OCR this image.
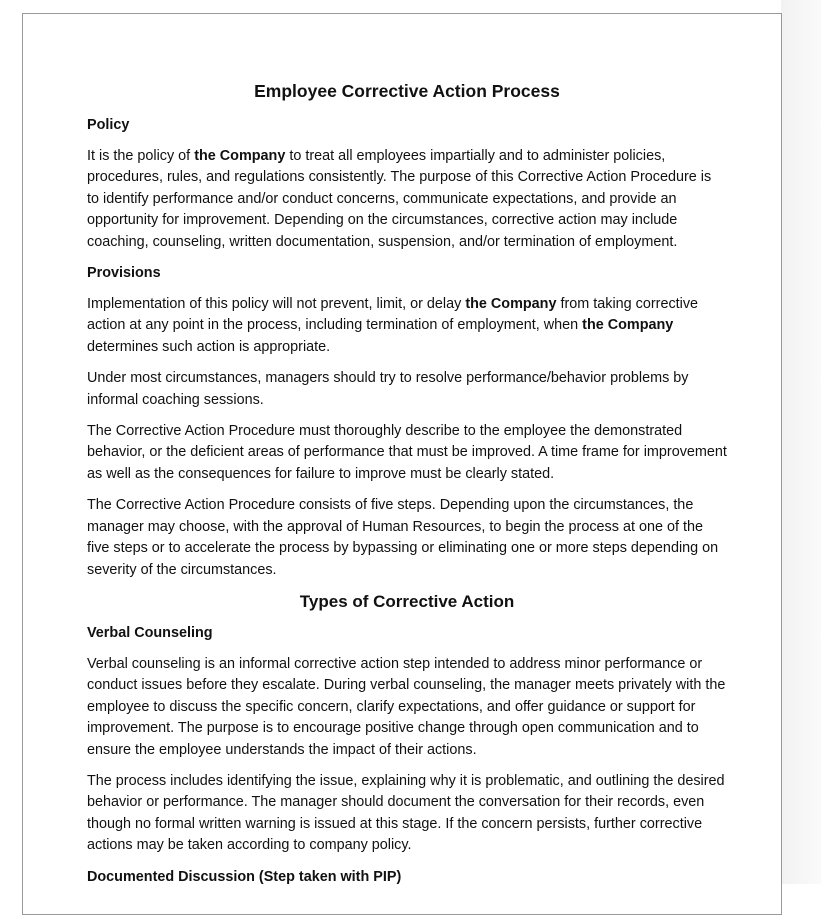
Employee Corrective Action Process
Policy

It is the policy of the Company to treat all employees impartially and to administer policies, procedures, rules, and regulations consistently. The purpose of this Corrective Action Procedure is to identify performance and/or conduct concerns, communicate expectations, and provide an opportunity for improvement. Depending on the circumstances, corrective action may include coaching, counseling, written documentation, suspension, and/or termination of employment.

Provisions

Implementation of this policy will not prevent, limit, or delay the Company from taking corrective action at any point in the process, including termination of employment, when the Company determines such action is appropriate.

Under most circumstances, managers should try to resolve performance/behavior problems by informal coaching sessions.

The Corrective Action Procedure must thoroughly describe to the employee the demonstrated behavior, or the deficient areas of performance that must be improved. A time frame for improvement as well as the consequences for failure to improve must be clearly stated.

The Corrective Action Procedure consists of five steps. Depending upon the circumstances, the manager may choose, with the approval of Human Resources, to begin the process at one of the five steps or to accelerate the process by bypassing or eliminating one or more steps depending on severity of the circumstances.

Types of Corrective Action
Verbal Counseling

Verbal counseling is an informal corrective action step intended to address minor performance or conduct issues before they escalate. During verbal counseling, the manager meets privately with the employee to discuss the specific concern, clarify expectations, and offer guidance or support for improvement. The purpose is to encourage positive change through open communication and to ensure the employee understands the impact of their actions.

The process includes identifying the issue, explaining why it is problematic, and outlining the desired behavior or performance. The manager should document the conversation for their records, even though no formal written warning is issued at this stage. If the concern persists, further corrective actions may be taken according to company policy.

Documented Discussion (Step taken with PIP)
